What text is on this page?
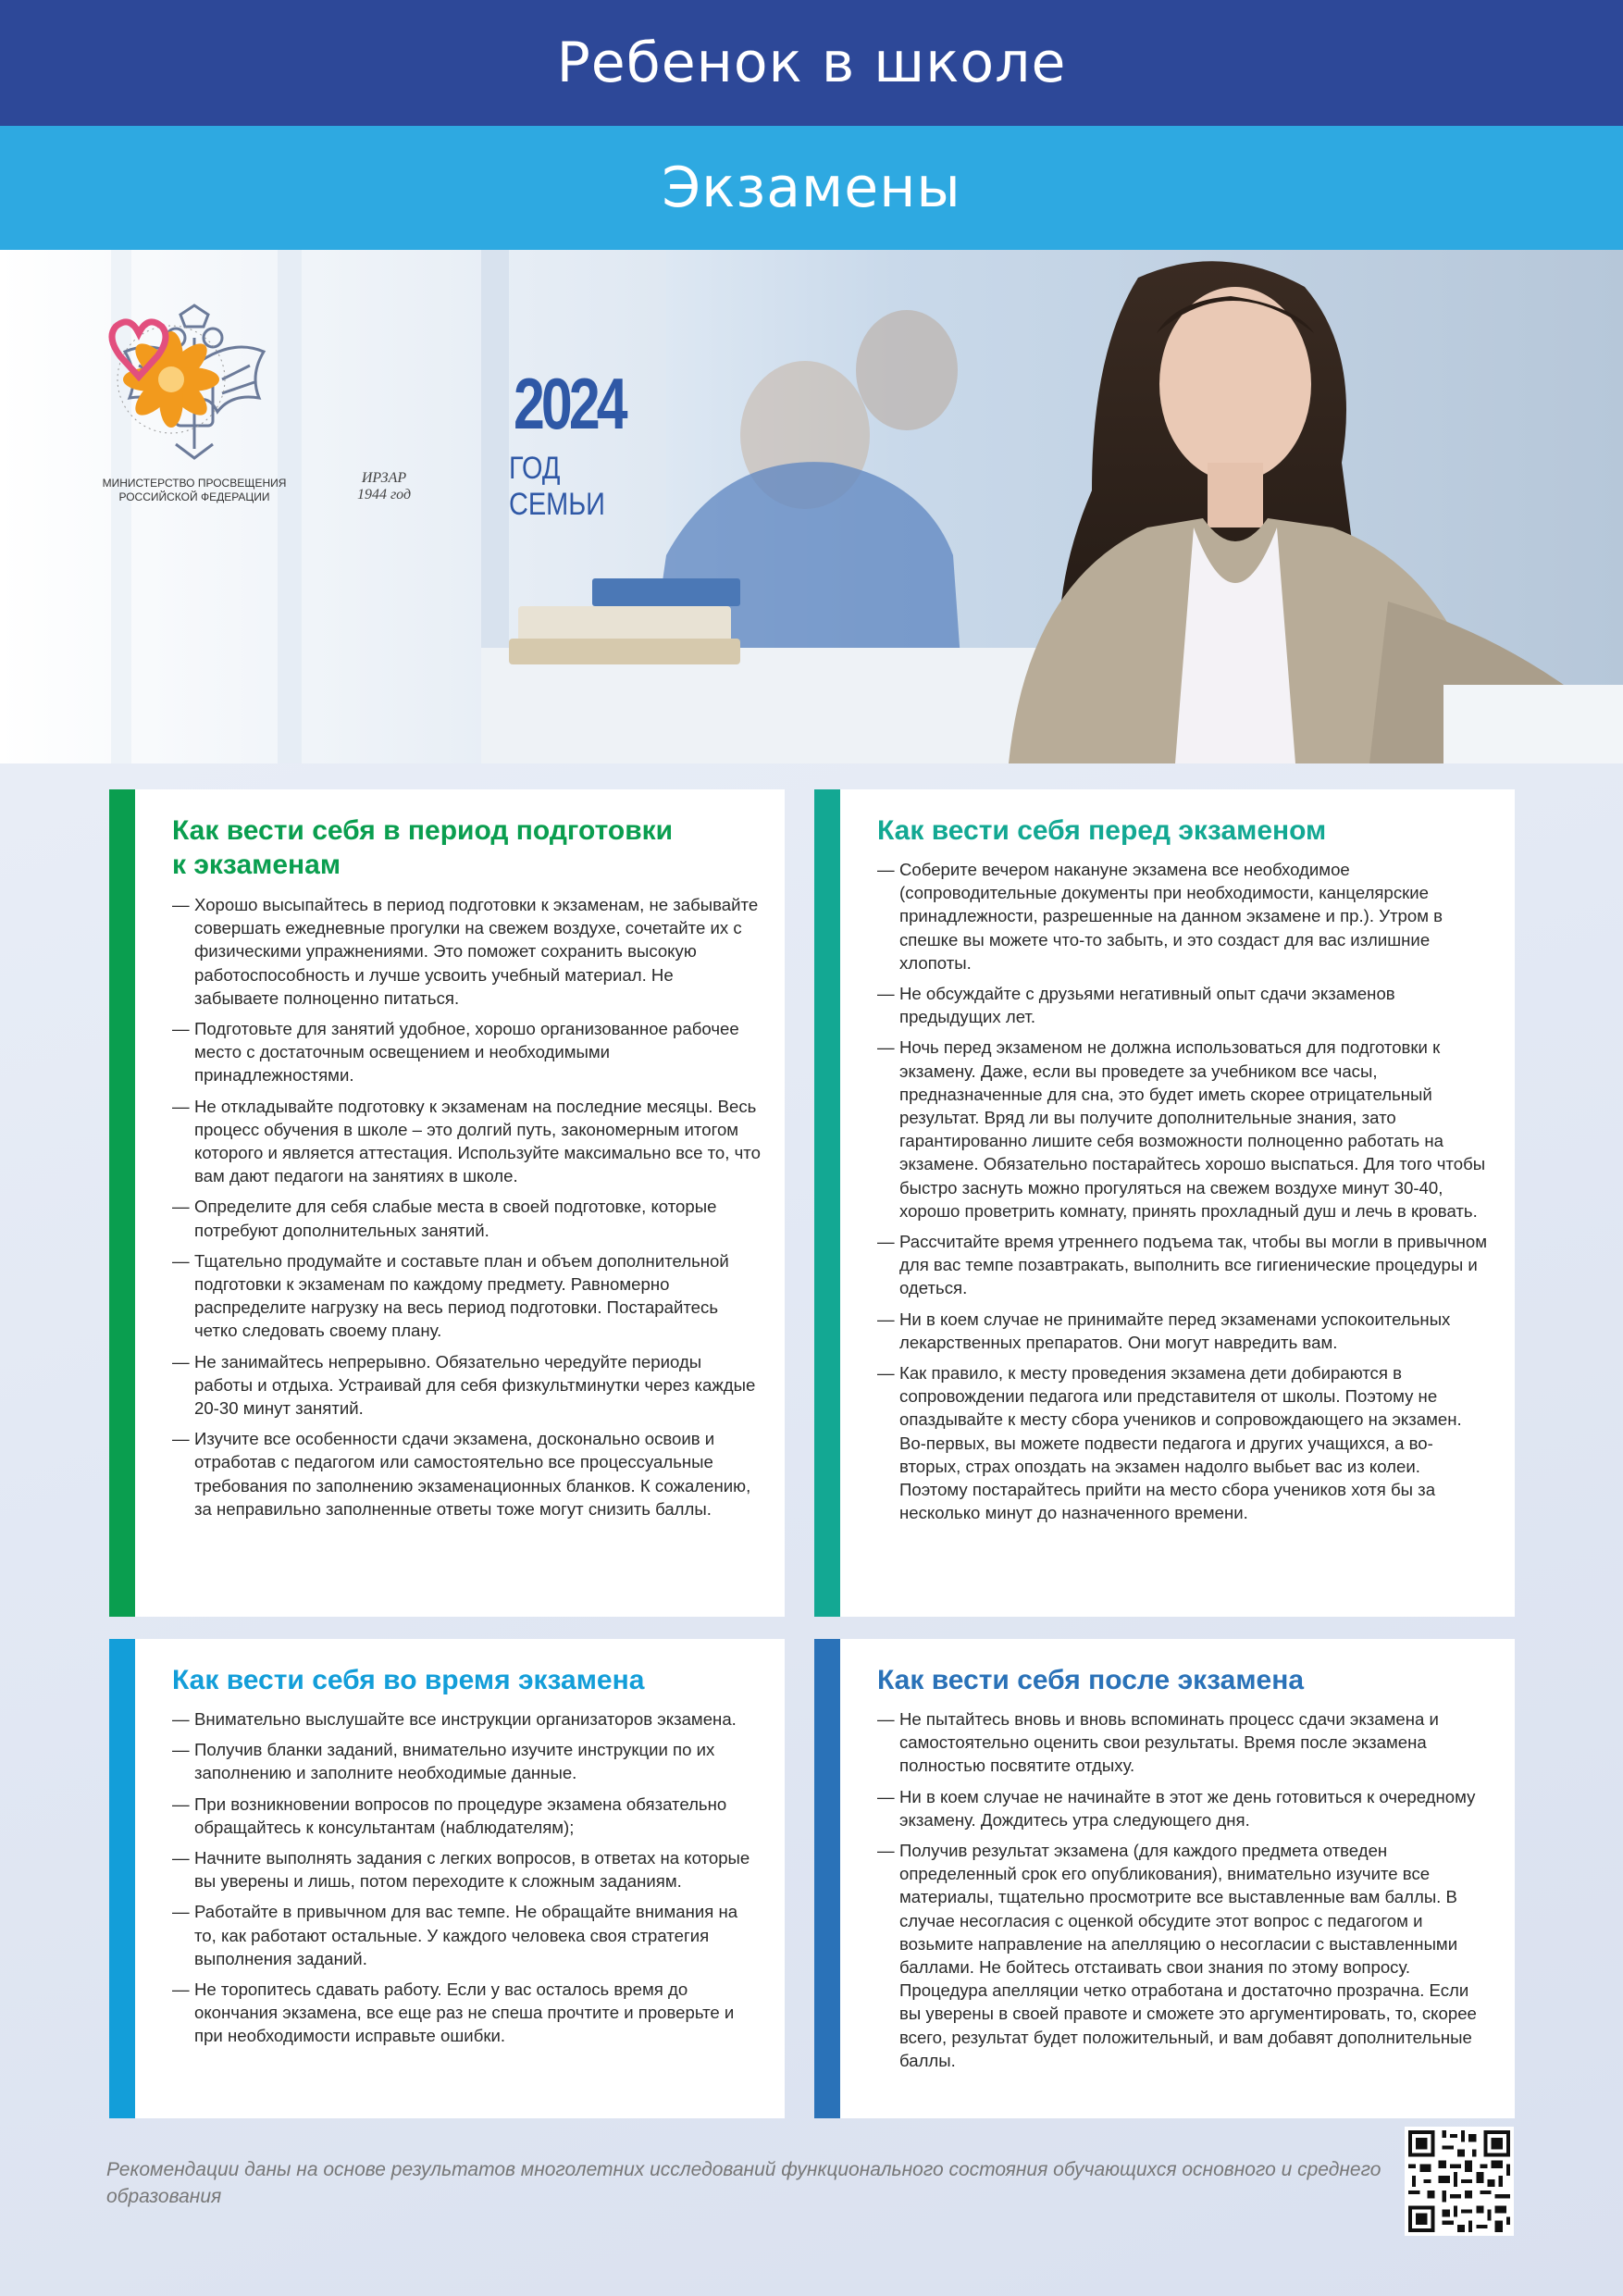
Ребенок в школе
Экзамены
МИНИСТЕРСТВО ПРОСВЕЩЕНИЯ
РОССИЙСКОЙ ФЕДЕРАЦИИ
ИРЗАР
1944 год
2024
ГОД СЕМЬИ
Как вести себя в период подготовки
к экзаменам
— Хорошо высыпайтесь в период подготовки к экзаменам, не забывайте совершать ежедневные прогулки на свежем воздухе, сочетайте их с физическими упражнениями. Это поможет сохранить высокую работоспособность и лучше усвоить учебный материал. Не забываете полноценно питаться.
— Подготовьте для занятий удобное, хорошо организованное рабочее место с достаточным освещением и необходимыми принадлежностями.
— Не откладывайте подготовку к экзаменам на последние месяцы. Весь процесс обучения в школе – это долгий путь, закономерным итогом которого и является аттестация. Используйте максимально все то, что вам дают педагоги на занятиях в школе.
— Определите для себя слабые места в своей подготовке, которые потребуют дополнительных занятий.
— Тщательно продумайте и составьте план и объем дополнительной подготовки к экзаменам по каждому предмету. Равномерно распределите нагрузку на весь период подготовки. Постарайтесь четко следовать своему плану.
— Не занимайтесь непрерывно. Обязательно чередуйте периоды работы и отдыха. Устраивай для себя физкультминутки через каждые 20-30 минут занятий.
— Изучите все особенности сдачи экзамена, досконально освоив и отработав с педагогом или самостоятельно все процессуальные требования по заполнению экзаменационных бланков. К сожалению, за неправильно заполненные ответы тоже могут снизить баллы.
Как вести себя перед экзаменом
— Соберите вечером накануне экзамена все необходимое (сопроводительные документы при необходимости, канцелярские принадлежности, разрешенные на данном экзамене и пр.). Утром в спешке вы можете что-то забыть, и это создаст для вас излишние хлопоты.
— Не обсуждайте с друзьями негативный опыт сдачи экзаменов предыдущих лет.
— Ночь перед экзаменом не должна использоваться для подготовки к экзамену. Даже, если вы проведете за учебником все часы, предназначенные для сна, это будет иметь скорее отрицательный результат. Вряд ли вы получите дополнительные знания, зато гарантированно лишите себя возможности полноценно работать на экзамене. Обязательно постарайтесь хорошо выспаться. Для того чтобы быстро заснуть можно прогуляться на свежем воздухе минут 30-40, хорошо проветрить комнату, принять прохладный душ и лечь в кровать.
— Рассчитайте время утреннего подъема так, чтобы вы могли в привычном для вас темпе позавтракать, выполнить все гигиенические процедуры и одеться.
— Ни в коем случае не принимайте перед экзаменами успокоительных лекарственных препаратов. Они могут навредить вам.
— Как правило, к месту проведения экзамена дети добираются в сопровождении педагога или представителя от школы. Поэтому не опаздывайте к месту сбора учеников и сопровождающего на экзамен. Во-первых, вы можете подвести педагога и других учащихся, а во-вторых, страх опоздать на экзамен надолго выбьет вас из колеи. Поэтому постарайтесь прийти на место сбора учеников хотя бы за несколько минут до назначенного времени.
Как вести себя во время экзамена
— Внимательно выслушайте все инструкции организаторов экзамена.
— Получив бланки заданий, внимательно изучите инструкции по их заполнению и заполните необходимые данные.
— При возникновении вопросов по процедуре экзамена обязательно обращайтесь к консультантам (наблюдателям);
— Начните выполнять задания с легких вопросов, в ответах на которые вы уверены и лишь, потом переходите к сложным заданиям.
— Работайте в привычном для вас темпе. Не обращайте внимания на то, как работают остальные. У каждого человека своя стратегия выполнения заданий.
— Не торопитесь сдавать работу. Если у вас осталось время до окончания экзамена, все еще раз не спеша прочтите и проверьте и при необходимости исправьте ошибки.
Как вести себя после экзамена
— Не пытайтесь вновь и вновь вспоминать процесс сдачи экзамена и самостоятельно оценить свои результаты. Время после экзамена полностью посвятите отдыху.
— Ни в коем случае не начинайте в этот же день готовиться к очередному экзамену. Дождитесь утра следующего дня.
— Получив результат экзамена (для каждого предмета отведен определенный срок его опубликования), внимательно изучите все материалы, тщательно просмотрите все выставленные вам баллы. В случае несогласия с оценкой обсудите этот вопрос с педагогом и возьмите направление на апелляцию о несогласии с выставленными баллами. Не бойтесь отстаивать свои знания по этому вопросу. Процедура апелляции четко отработана и достаточно прозрачна. Если вы уверены в своей правоте и сможете это аргументировать, то, скорее всего, результат будет положительный, и вам добавят дополнительные баллы.
Рекомендации даны на основе результатов многолетних исследований функционального состояния обучающихся основного и среднего образования
